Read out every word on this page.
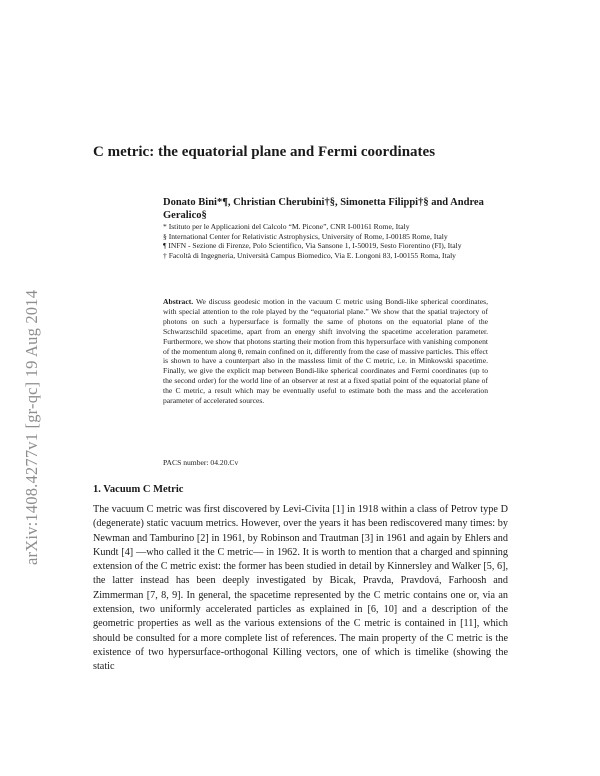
arXiv:1408.4277v1 [gr-qc] 19 Aug 2014
C metric: the equatorial plane and Fermi coordinates
Donato Bini*¶, Christian Cherubini†§, Simonetta Filippi†§ and Andrea Geralico§
* Istituto per le Applicazioni del Calcolo “M. Picone”, CNR I-00161 Rome, Italy
§ International Center for Relativistic Astrophysics, University of Rome, I-00185 Rome, Italy
¶ INFN - Sezione di Firenze, Polo Scientifico, Via Sansone 1, I-50019, Sesto Fiorentino (FI), Italy
† Facoltà di Ingegneria, Università Campus Biomedico, Via E. Longoni 83, I-00155 Roma, Italy
Abstract. We discuss geodesic motion in the vacuum C metric using Bondi-like spherical coordinates, with special attention to the role played by the “equatorial plane.” We show that the spatial trajectory of photons on such a hypersurface is formally the same of photons on the equatorial plane of the Schwarzschild spacetime, apart from an energy shift involving the spacetime acceleration parameter. Furthermore, we show that photons starting their motion from this hypersurface with vanishing component of the momentum along θ, remain confined on it, differently from the case of massive particles. This effect is shown to have a counterpart also in the massless limit of the C metric, i.e. in Minkowski spacetime. Finally, we give the explicit map between Bondi-like spherical coordinates and Fermi coordinates (up to the second order) for the world line of an observer at rest at a fixed spatial point of the equatorial plane of the C metric, a result which may be eventually useful to estimate both the mass and the acceleration parameter of accelerated sources.
PACS number: 04.20.Cv
1. Vacuum C Metric
The vacuum C metric was first discovered by Levi-Civita [1] in 1918 within a class of Petrov type D (degenerate) static vacuum metrics. However, over the years it has been rediscovered many times: by Newman and Tamburino [2] in 1961, by Robinson and Trautman [3] in 1961 and again by Ehlers and Kundt [4] —who called it the C metric— in 1962. It is worth to mention that a charged and spinning extension of the C metric exist: the former has been studied in detail by Kinnersley and Walker [5, 6], the latter instead has been deeply investigated by Bicak, Pravda, Pravdová, Farhoosh and Zimmerman [7, 8, 9]. In general, the spacetime represented by the C metric contains one or, via an extension, two uniformly accelerated particles as explained in [6, 10] and a description of the geometric properties as well as the various extensions of the C metric is contained in [11], which should be consulted for a more complete list of references. The main property of the C metric is the existence of two hypersurface-orthogonal Killing vectors, one of which is timelike (showing the static
